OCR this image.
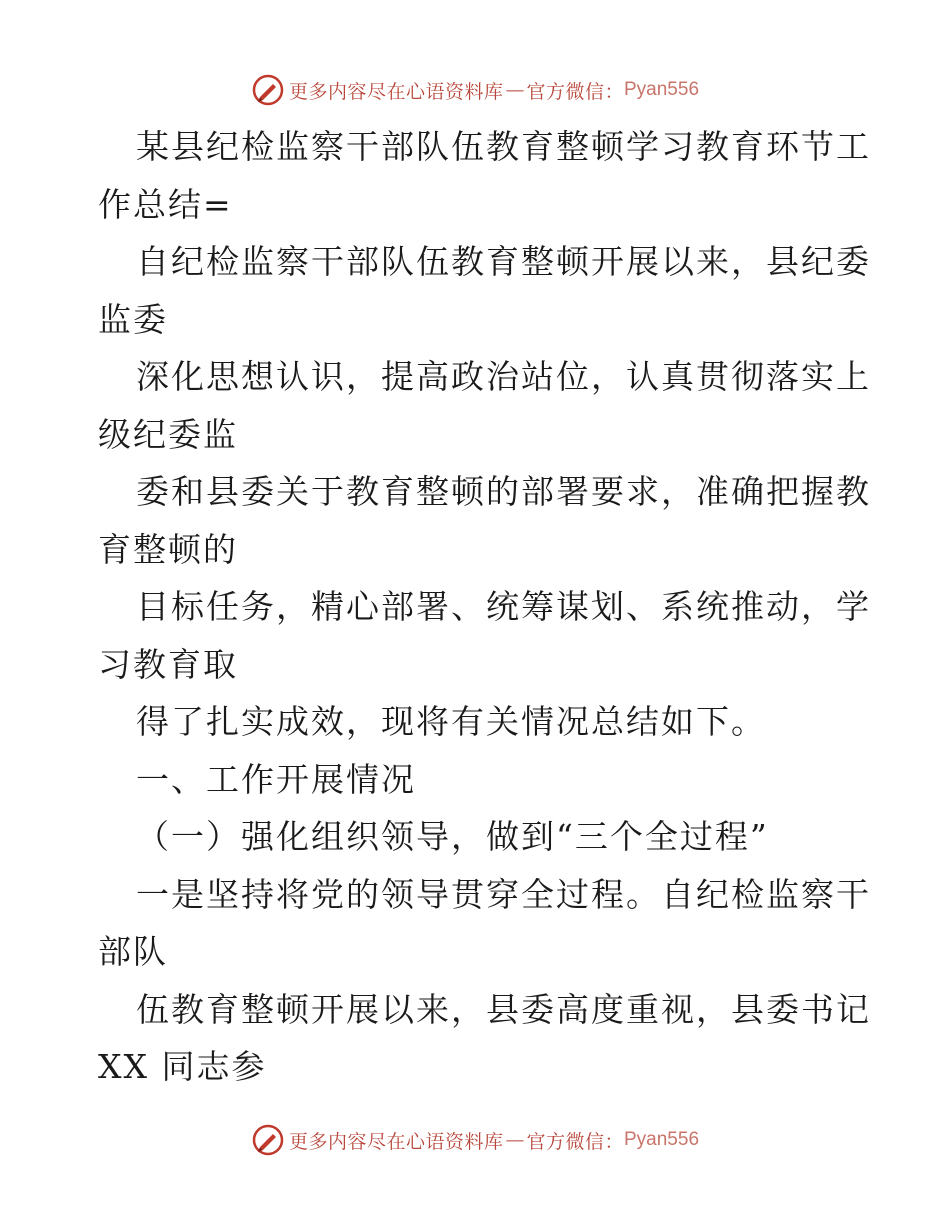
更多内容尽在心语资料库 — 官方微信： Pyan556
某县纪检监察干部队伍教育整顿学习教育环节工
作总结=
自纪检监察干部队伍教育整顿开展以来，县纪委
监委
深化思想认识，提高政治站位，认真贯彻落实上
级纪委监
委和县委关于教育整顿的部署要求，准确把握教
育整顿的
目标任务，精心部署、统筹谋划、系统推动，学
习教育取
得了扎实成效，现将有关情况总结如下。
一、工作开展情况
（一）强化组织领导，做到“三个全过程”
一是坚持将党的领导贯穿全过程。自纪检监察干
部队
伍教育整顿开展以来，县委高度重视，县委书记
XX 同志参
更多内容尽在心语资料库 — 官方微信： Pyan556
